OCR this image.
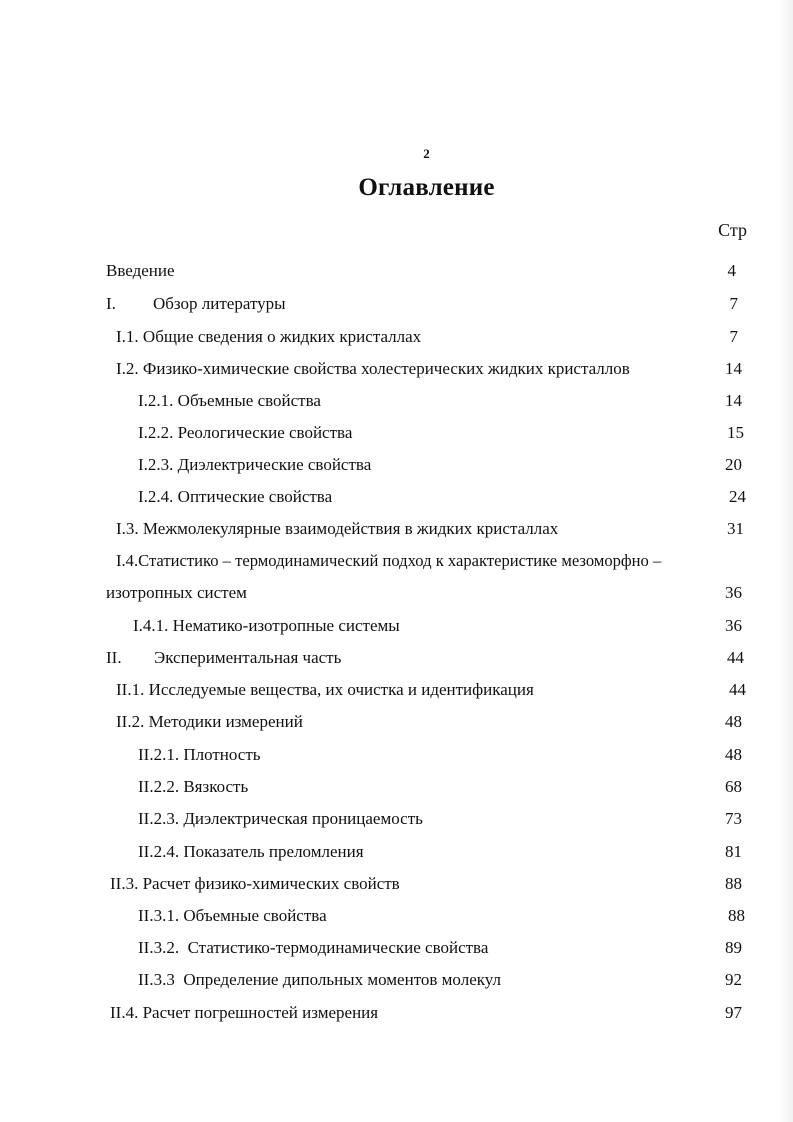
2
Оглавление
Стр
Введение	4
I. Обзор литературы	7
I.1. Общие сведения о жидких кристаллах	7
I.2. Физико-химические свойства холестерических жидких кристаллов	14
I.2.1. Объемные свойства	14
I.2.2. Реологические свойства	15
I.2.3. Диэлектрические свойства	20
I.2.4. Оптические свойства	24
I.3. Межмолекулярные взаимодействия в жидких кристаллах	31
I.4.Статистико – термодинамический подход к характеристике мезоморфно –
изотропных систем	36
I.4.1. Нематико-изотропные системы	36
II. Экспериментальная часть	44
II.1. Исследуемые вещества, их очистка и идентификация	44
II.2. Методики измерений	48
II.2.1. Плотность	48
II.2.2. Вязкость	68
II.2.3. Диэлектрическая проницаемость	73
II.2.4. Показатель преломления	81
II.3. Расчет физико-химических свойств	88
II.3.1. Объемные свойства	88
II.3.2.  Статистико-термодинамические свойства	89
II.3.3  Определение дипольных моментов молекул	92
II.4. Расчет погрешностей измерения	97
